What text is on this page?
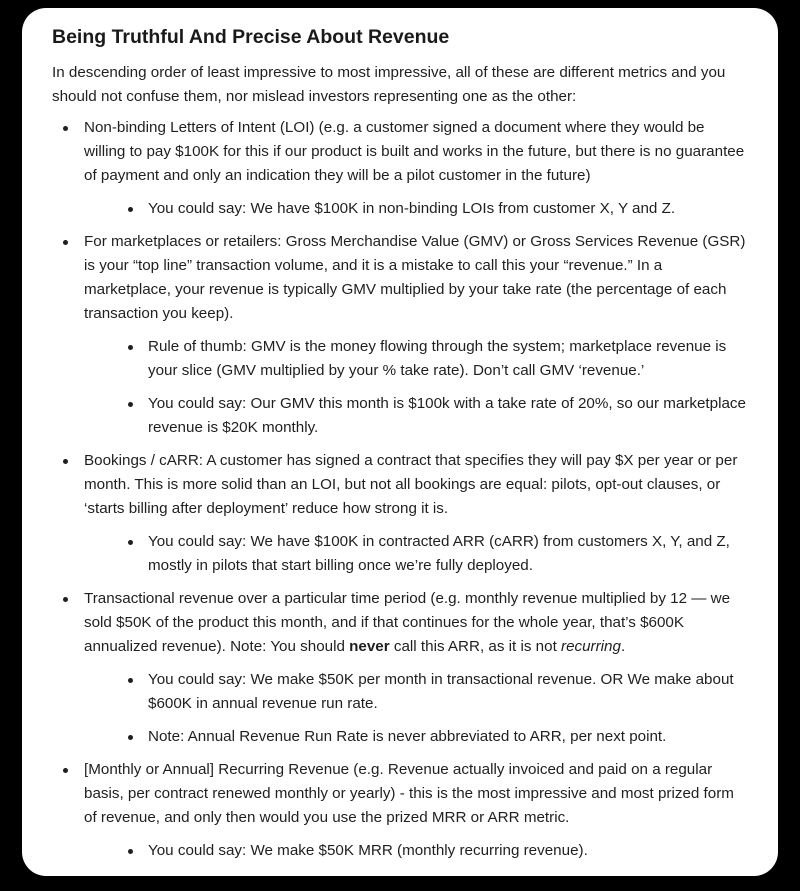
Being Truthful And Precise About Revenue

In descending order of least impressive to most impressive, all of these are different metrics and you should not confuse them, nor mislead investors representing one as the other:

Non-binding Letters of Intent (LOI) (e.g. a customer signed a document where they would be willing to pay $100K for this if our product is built and works in the future, but there is no guarantee of payment and only an indication they will be a pilot customer in the future)
You could say: We have $100K in non-binding LOIs from customer X, Y and Z.
For marketplaces or retailers: Gross Merchandise Value (GMV) or Gross Services Revenue (GSR) is your “top line” transaction volume, and it is a mistake to call this your “revenue.” In a marketplace, your revenue is typically GMV multiplied by your take rate (the percentage of each transaction you keep).
Rule of thumb: GMV is the money flowing through the system; marketplace revenue is your slice (GMV multiplied by your % take rate). Don’t call GMV ‘revenue.’
You could say: Our GMV this month is $100k with a take rate of 20%, so our marketplace revenue is $20K monthly.
Bookings / cARR: A customer has signed a contract that specifies they will pay $X per year or per month. This is more solid than an LOI, but not all bookings are equal: pilots, opt-out clauses, or ‘starts billing after deployment’ reduce how strong it is.
You could say: We have $100K in contracted ARR (cARR) from customers X, Y, and Z, mostly in pilots that start billing once we’re fully deployed.
Transactional revenue over a particular time period (e.g. monthly revenue multiplied by 12 — we sold $50K of the product this month, and if that continues for the whole year, that’s $600K annualized revenue). Note: You should never call this ARR, as it is not recurring.
You could say: We make $50K per month in transactional revenue. OR We make about $600K in annual revenue run rate.
Note: Annual Revenue Run Rate is never abbreviated to ARR, per next point.
[Monthly or Annual] Recurring Revenue (e.g. Revenue actually invoiced and paid on a regular basis, per contract renewed monthly or yearly) - this is the most impressive and most prized form of revenue, and only then would you use the prized MRR or ARR metric.
You could say: We make $50K MRR (monthly recurring revenue).
